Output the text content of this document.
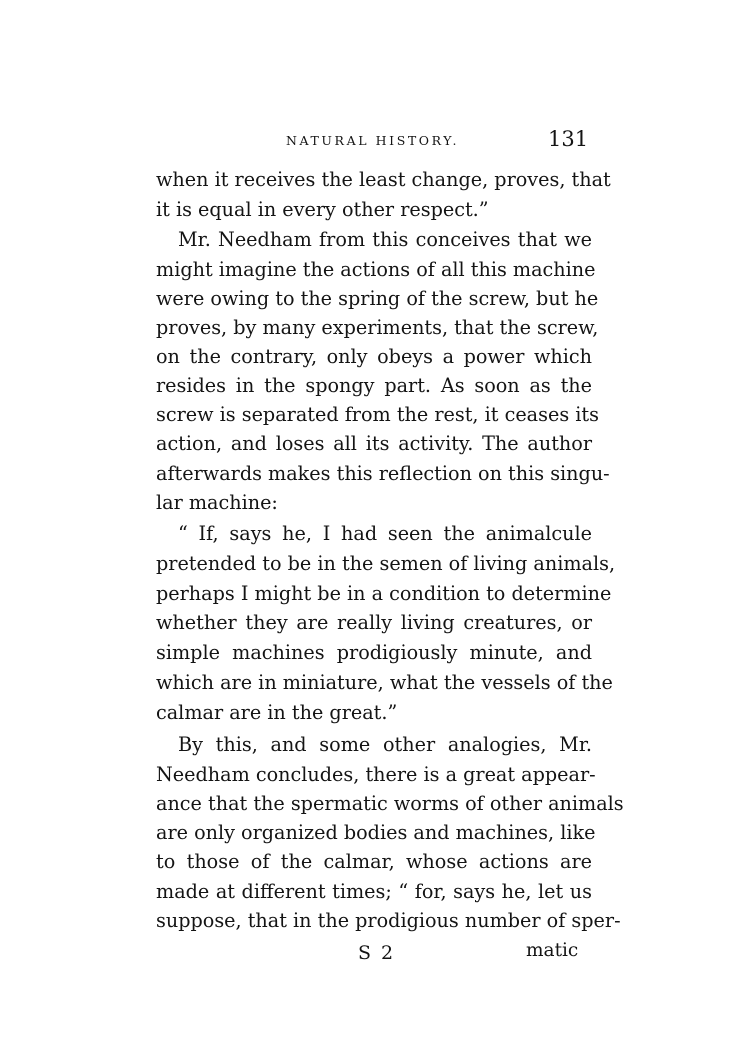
NATURAL HISTORY.	131
when it receives the least change, proves, that
it is equal in every other respect.”
Mr. Needham from this conceives that we
might imagine the actions of all this machine
were owing to the spring of the screw, but he
proves, by many experiments, that the screw,
on the contrary, only obeys a power which
resides in the spongy part. As soon as the
screw is separated from the rest, it ceases its
action, and loses all its activity. The author
afterwards makes this reflection on this singu-
lar machine:
“ If, says he, I had seen the animalcule
pretended to be in the semen of living animals,
perhaps I might be in a condition to determine
whether they are really living creatures, or
simple machines prodigiously minute, and
which are in miniature, what the vessels of the
calmar are in the great.”
By this, and some other analogies, Mr.
Needham concludes, there is a great appear-
ance that the spermatic worms of other animals
are only organized bodies and machines, like
to those of the calmar, whose actions are
made at different times; “ for, says he, let us
suppose, that in the prodigious number of sper-
S 2	matic
